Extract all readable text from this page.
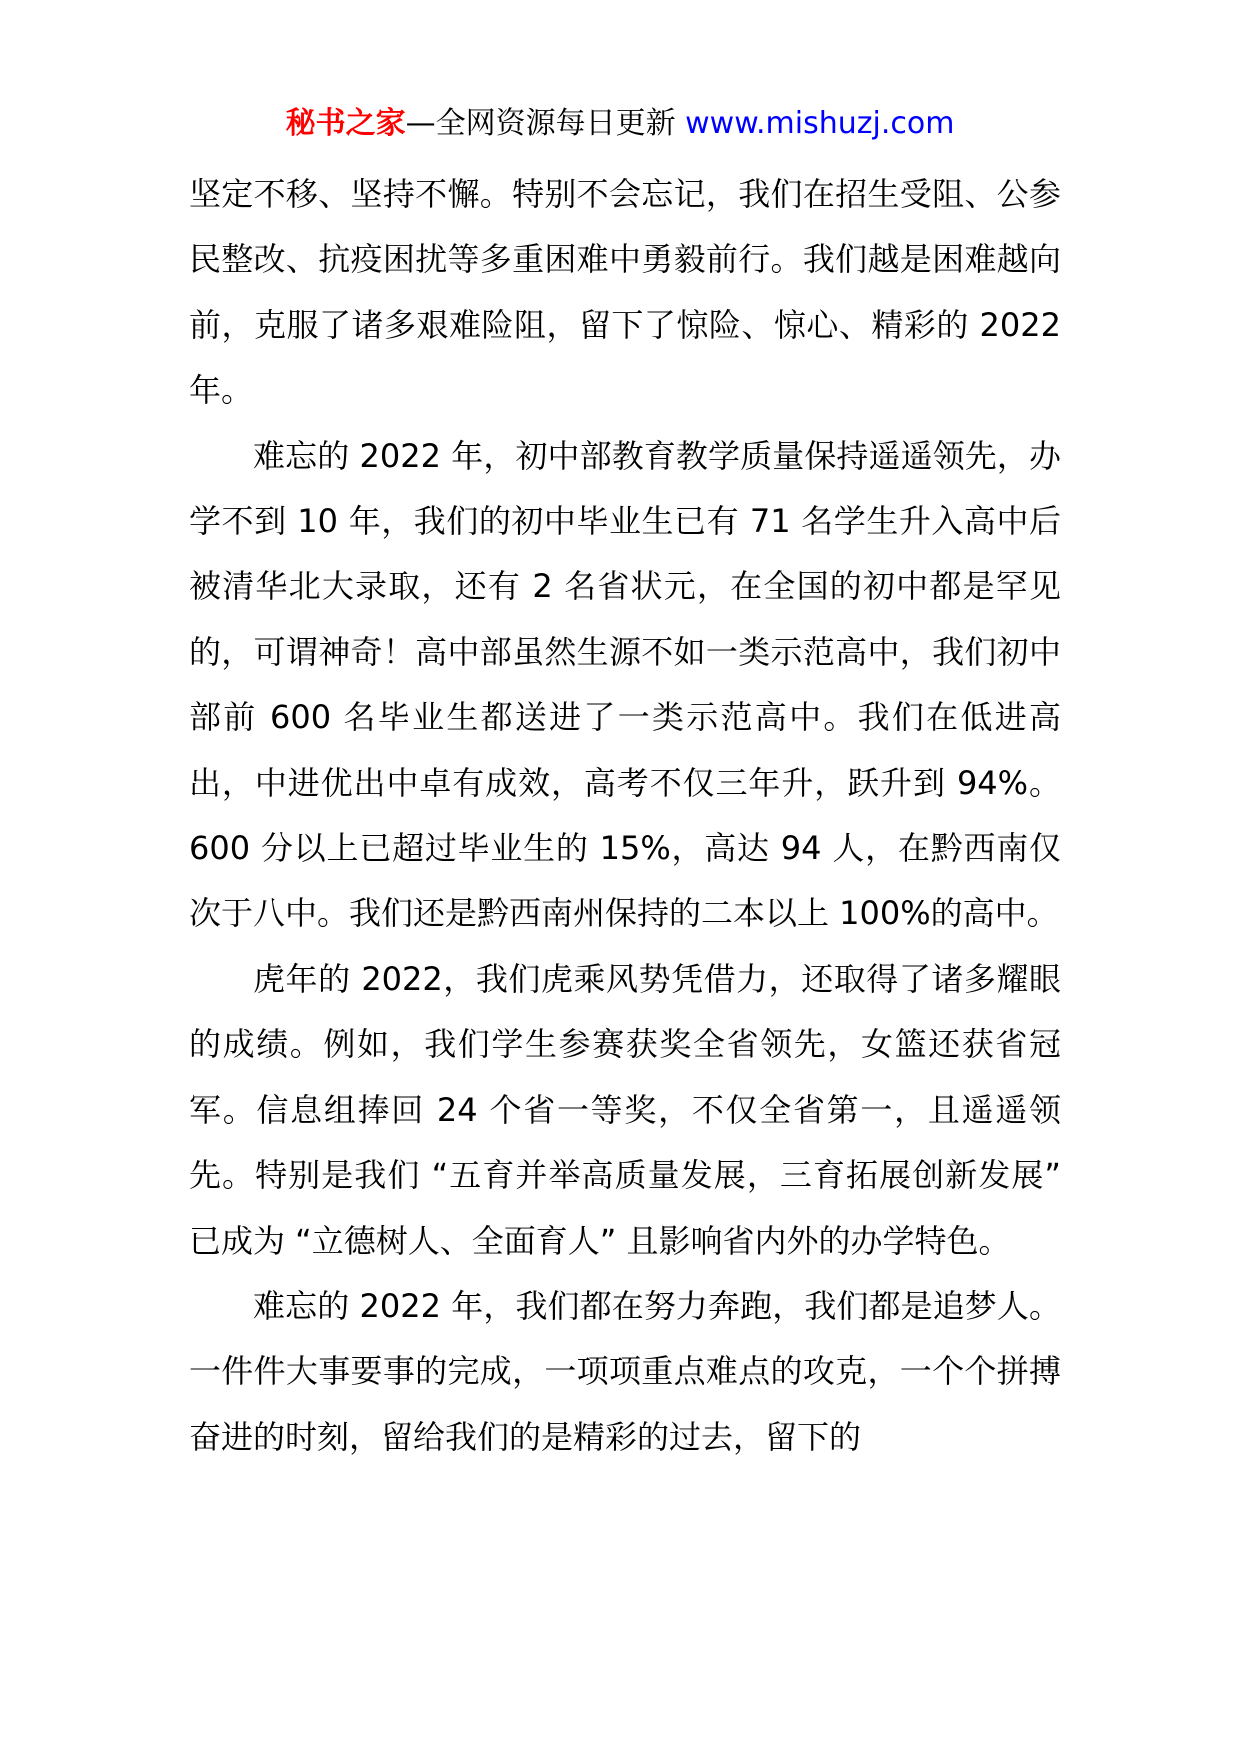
秘书之家—全网资源每日更新 www.mishuzj.com

坚定不移、坚持不懈。特别不会忘记，我们在招生受阻、公参民整改、抗疫困扰等多重困难中勇毅前行。我们越是困难越向前，克服了诸多艰难险阻，留下了惊险、惊心、精彩的 2022 年。

难忘的 2022 年，初中部教育教学质量保持遥遥领先，办学不到 10 年，我们的初中毕业生已有 71 名学生升入高中后被清华北大录取，还有 2 名省状元，在全国的初中都是罕见的，可谓神奇！高中部虽然生源不如一类示范高中，我们初中部前 600 名毕业生都送进了一类示范高中。我们在低进高出，中进优出中卓有成效，高考不仅三年升，跃升到 94%。600 分以上已超过毕业生的 15%，高达 94 人，在黔西南仅次于八中。我们还是黔西南州保持的二本以上 100%的高中。

虎年的 2022，我们虎乘风势凭借力，还取得了诸多耀眼的成绩。例如，我们学生参赛获奖全省领先，女篮还获省冠军。信息组捧回 24 个省一等奖，不仅全省第一，且遥遥领先。特别是我们 “五育并举高质量发展，三育拓展创新发展” 已成为 “立德树人、全面育人” 且影响省内外的办学特色。

难忘的 2022 年，我们都在努力奔跑，我们都是追梦人。一件件大事要事的完成，一项项重点难点的攻克，一个个拼搏奋进的时刻，留给我们的是精彩的过去，留下的
